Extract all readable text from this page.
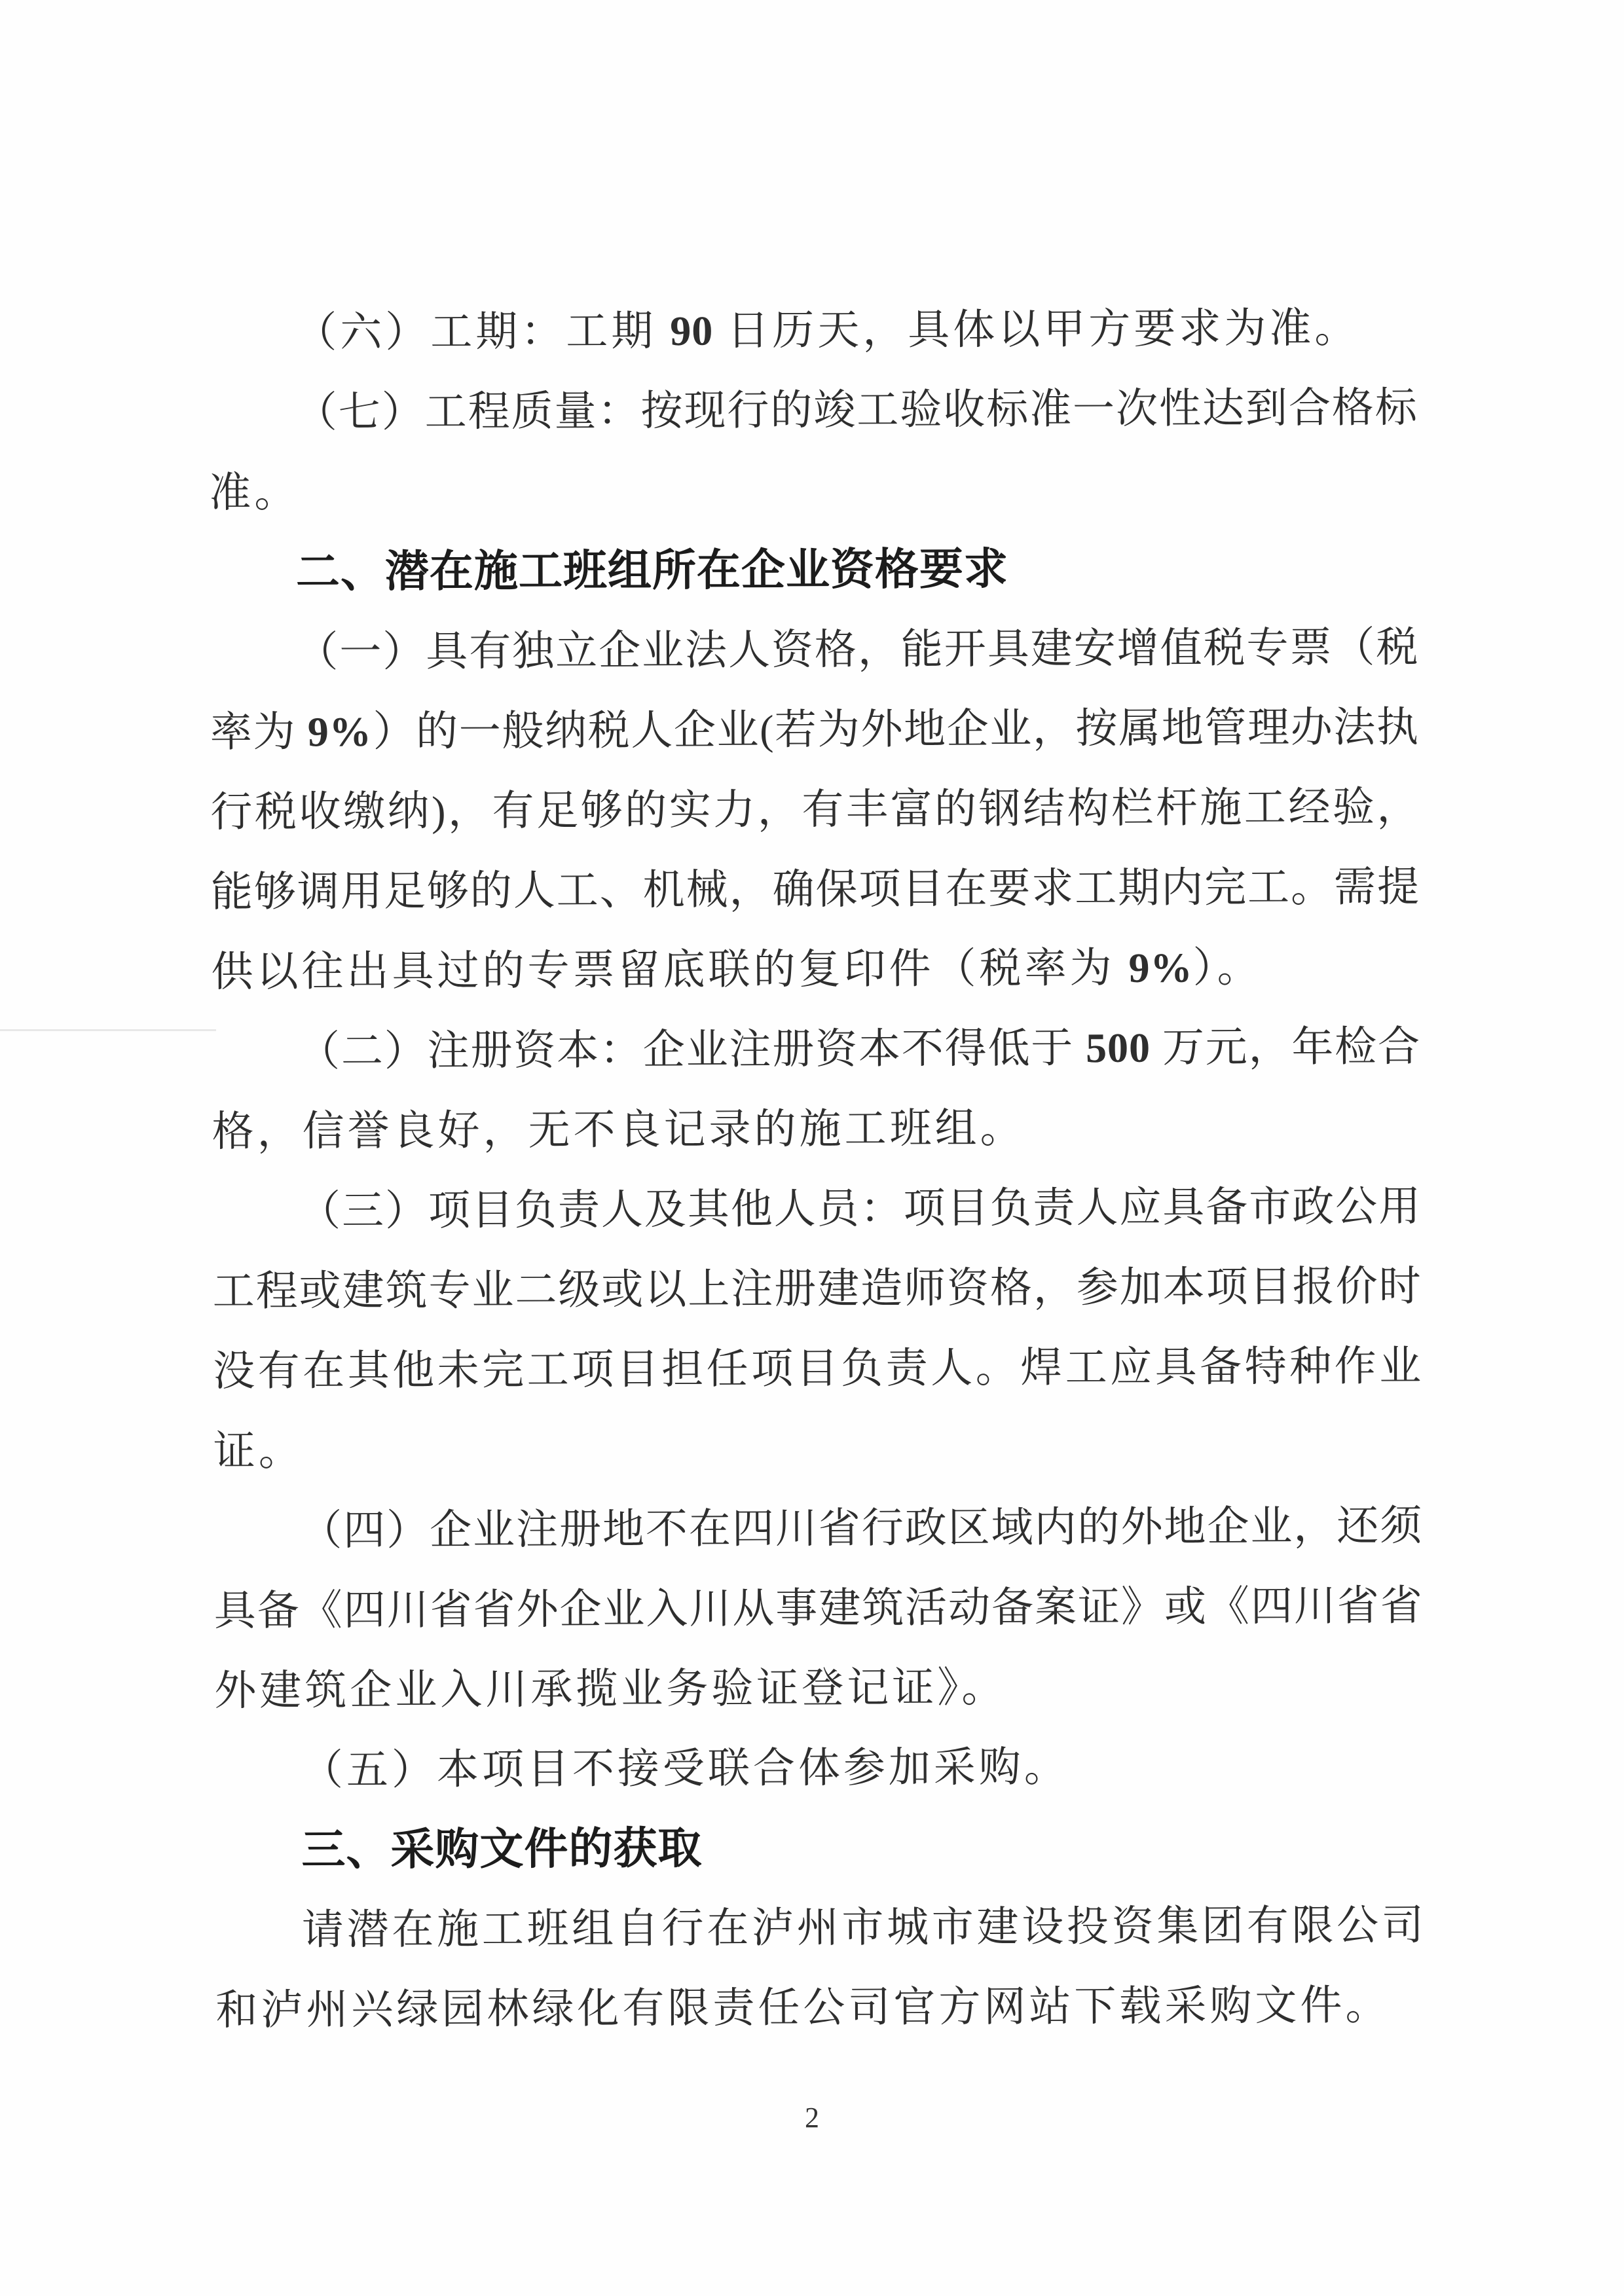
（六）工期：工期 90 日历天，具体以甲方要求为准。
（七）工程质量：按现行的竣工验收标准一次性达到合格标
准。
二、潜在施工班组所在企业资格要求
（一）具有独立企业法人资格，能开具建安增值税专票（税
率为 9%）的一般纳税人企业(若为外地企业，按属地管理办法执
行税收缴纳)，有足够的实力，有丰富的钢结构栏杆施工经验，
能够调用足够的人工、机械，确保项目在要求工期内完工。需提
供以往出具过的专票留底联的复印件（税率为 9%）。
（二）注册资本：企业注册资本不得低于 500 万元，年检合
格，信誉良好，无不良记录的施工班组。
（三）项目负责人及其他人员：项目负责人应具备市政公用
工程或建筑专业二级或以上注册建造师资格，参加本项目报价时
没有在其他未完工项目担任项目负责人。焊工应具备特种作业
证。
（四）企业注册地不在四川省行政区域内的外地企业，还须
具备《四川省省外企业入川从事建筑活动备案证》或《四川省省
外建筑企业入川承揽业务验证登记证》。
（五）本项目不接受联合体参加采购。
三、采购文件的获取
请潜在施工班组自行在泸州市城市建设投资集团有限公司
和泸州兴绿园林绿化有限责任公司官方网站下载采购文件。
2
